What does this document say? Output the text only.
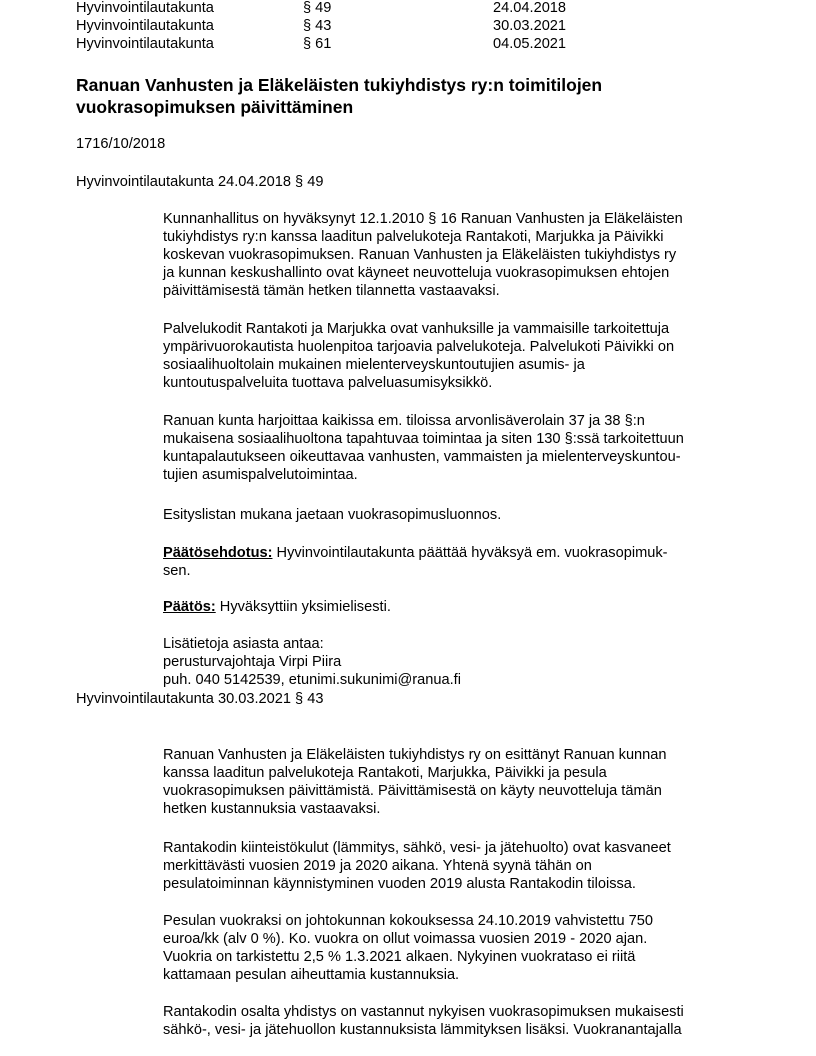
Hyvinvointilautakunta	§ 49	24.04.2018
Hyvinvointilautakunta	§ 43	30.03.2021
Hyvinvointilautakunta	§ 61	04.05.2021
Ranuan Vanhusten ja Eläkeläisten tukiyhdistys ry:n toimitilojen
vuokrasopimuksen päivittäminen
1716/10/2018
Hyvinvointilautakunta 24.04.2018 § 49

Kunnanhallitus on hyväksynyt 12.1.2010 § 16 Ranuan Vanhusten ja Eläkeläisten

tukiyhdistys ry:n kanssa laaditun palvelukoteja Rantakoti, Marjukka ja Päivikki

koskevan vuokrasopimuksen. Ranuan Vanhusten ja Eläkeläisten tukiyhdistys ry

ja kunnan keskushallinto ovat käyneet neuvotteluja vuokrasopimuksen ehtojen

päivittämisestä tämän hetken tilannetta vastaavaksi.

Palvelukodit Rantakoti ja Marjukka ovat vanhuksille ja vammaisille tarkoitettuja

ympärivuorokautista huolenpitoa tarjoavia palvelukoteja. Palvelukoti Päivikki on

sosiaalihuoltolain mukainen mielenterveyskuntoutujien asumis- ja

kuntoutuspalveluita tuottava palveluasumisyksikkö.

Ranuan kunta harjoittaa kaikissa em. tiloissa arvonlisäverolain 37 ja 38 §:n

mukaisena sosiaalihuoltona tapahtuvaa toimintaa ja siten 130 §:ssä tarkoitettuun

kuntapalautukseen oikeuttavaa vanhusten, vammaisten ja mielenterveyskuntou-

tujien asumispalvelutoimintaa.

Esityslistan mukana jaetaan vuokrasopimusluonnos.

Päätösehdotus: Hyvinvointilautakunta päättää hyväksyä em. vuokrasopimuk-

sen.

Päätös: Hyväksyttiin yksimielisesti.

Lisätietoja asiasta antaa:

perusturvajohtaja Virpi Piira

puh. 040 5142539, etunimi.sukunimi@ranua.fi

Hyvinvointilautakunta 30.03.2021 § 43

Ranuan Vanhusten ja Eläkeläisten tukiyhdistys ry on esittänyt Ranuan kunnan

kanssa laaditun palvelukoteja Rantakoti, Marjukka, Päivikki ja pesula

vuokrasopimuksen päivittämistä. Päivittämisestä on käyty neuvotteluja tämän

hetken kustannuksia vastaavaksi.

Rantakodin kiinteistökulut (lämmitys, sähkö, vesi- ja jätehuolto) ovat kasvaneet

merkittävästi vuosien 2019 ja 2020 aikana. Yhtenä syynä tähän on

pesulatoiminnan käynnistyminen vuoden 2019 alusta Rantakodin tiloissa.

Pesulan vuokraksi on johtokunnan kokouksessa 24.10.2019 vahvistettu 750

euroa/kk (alv 0 %). Ko. vuokra on ollut voimassa vuosien 2019 - 2020 ajan.

Vuokria on tarkistettu 2,5 % 1.3.2021 alkaen. Nykyinen vuokrataso ei riitä

kattamaan pesulan aiheuttamia kustannuksia.

Rantakodin osalta yhdistys on vastannut nykyisen vuokrasopimuksen mukaisesti

sähkö-, vesi- ja jätehuollon kustannuksista lämmityksen lisäksi. Vuokranantajalla
